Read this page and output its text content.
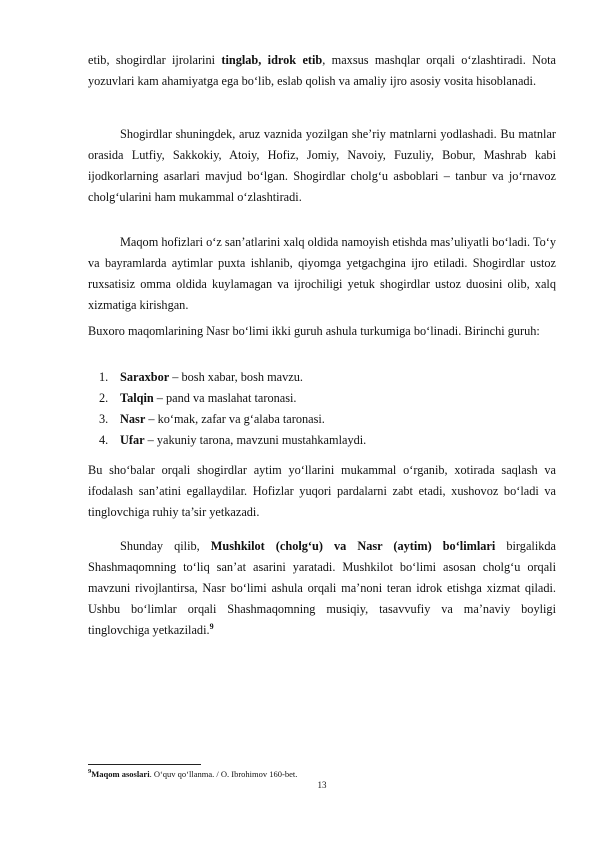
etib, shogirdlar ijrolarini tinglab, idrok etib, maxsus mashqlar orqali o‘zlashtiradi. Nota yozuvlari kam ahamiyatga ega bo‘lib, eslab qolish va amaliy ijro asosiy vosita hisoblanadi.

Shogirdlar shuningdek, aruz vaznida yozilgan she’riy matnlarni yodlashadi. Bu matnlar orasida Lutfiy, Sakkokiy, Atoiy, Hofiz, Jomiy, Navoiy, Fuzuliy, Bobur, Mashrab kabi ijodkorlarning asarlari mavjud bo‘lgan. Shogirdlar cholg‘u asboblari – tanbur va jo‘rnavoz cholg‘ularini ham mukammal o‘zlashtiradi.

Maqom hofizlari o‘z san’atlarini xalq oldida namoyish etishda mas’uliyatli bo‘ladi. To‘y va bayramlarda aytimlar puxta ishlanib, qiyomga yetgachgina ijro etiladi. Shogirdlar ustoz ruxsatisiz omma oldida kuylamagan va ijrochiligi yetuk shogirdlar ustoz duosini olib, xalq xizmatiga kirishgan.

Buxoro maqomlarining Nasr bo‘limi ikki guruh ashula turkumiga bo‘linadi. Birinchi guruh:

1. Saraxbor – bosh xabar, bosh mavzu.
2. Talqin – pand va maslahat taronasi.
3. Nasr – ko‘mak, zafar va g‘alaba taronasi.
4. Ufar – yakuniy tarona, mavzuni mustahkamlaydi.

Bu sho‘balar orqali shogirdlar aytim yo‘llarini mukammal o‘rganib, xotirada saqlash va ifodalash san’atini egallaydilar. Hofizlar yuqori pardalarni zabt etadi, xushovoz bo‘ladi va tinglovchiga ruhiy ta’sir yetkazadi.

Shunday qilib, Mushkilot (cholg‘u) va Nasr (aytim) bo‘limlari birgalikda Shashmaqomning to‘liq san’at asarini yaratadi. Mushkilot bo‘limi asosan cholg‘u orqali mavzuni rivojlantirsa, Nasr bo‘limi ashula orqali ma’noni teran idrok etishga xizmat qiladi. Ushbu bo‘limlar orqali Shashmaqomning musiqiy, tasavvufiy va ma’naviy boyligi tinglovchiga yetkaziladi.$^9$

$^9$Maqom asoslari. O‘quv qo‘llanma. / O. Ibrohimov 160-bet.
13
